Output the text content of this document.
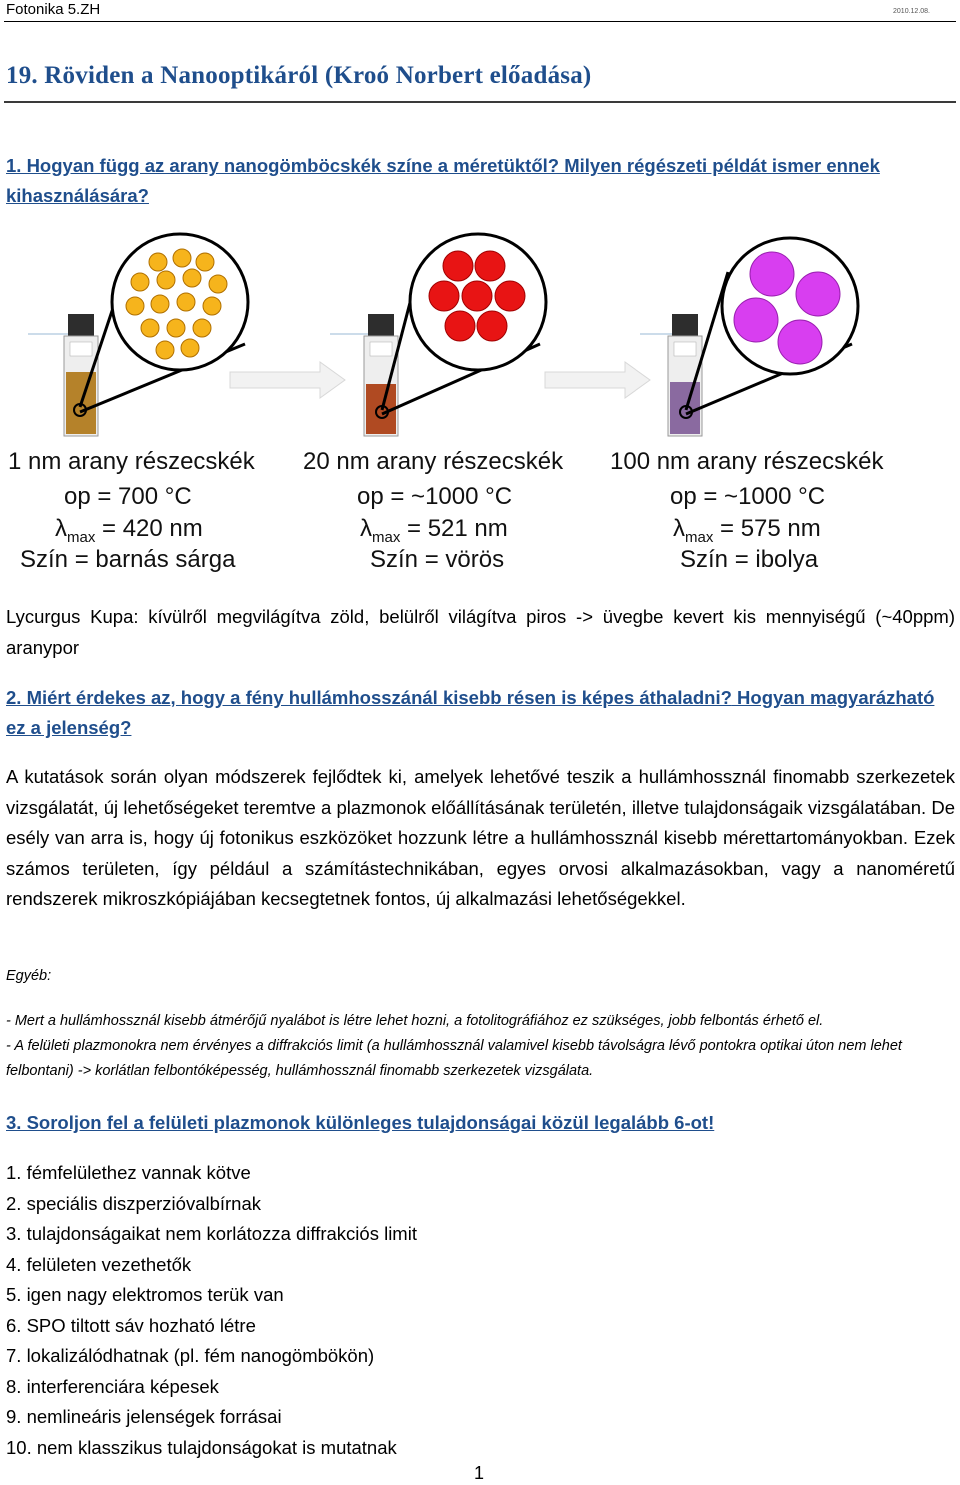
Fotonika 5.ZH	2010.12.08.
19. Röviden a Nanooptikáról (Kroó Norbert előadása)
1. Hogyan függ az arany nanogömböcskék színe a méretüktől? Milyen régészeti példát ismer ennek kihasználására?
1 nm arany részecskék
op = 700 °C
$\lambda_{max} = 420$ nm
Szín = barnás sárga
20 nm arany részecskék
op = ~1000 °C
$\lambda_{max} = 521$ nm
Szín = vörös
100 nm arany részecskék
op = ~1000 °C
$\lambda_{max} = 575$ nm
Szín = ibolya
Lycurgus Kupa: kívülről megvilágítva zöld, belülről világítva piros -> üvegbe kevert kis mennyiségű (~40ppm) aranypor
2. Miért érdekes az, hogy a fény hullámhosszánál kisebb résen is képes áthaladni? Hogyan magyarázható ez a jelenség?
A kutatások során olyan módszerek fejlődtek ki, amelyek lehetővé teszik a hullámhossznál finomabb szerkezetek vizsgálatát, új lehetőségeket teremtve a plazmonok előállításának területén, illetve tulajdonságaik vizsgálatában. De esély van arra is, hogy új fotonikus eszközöket hozzunk létre a hullámhossznál kisebb mérettartományokban. Ezek számos területen, így például a számítástechnikában, egyes orvosi alkalmazásokban, vagy a nanoméretű rendszerek mikroszkópiájában kecsegtetnek fontos, új alkalmazási lehetőségekkel.
Egyéb:
- Mert a hullámhossznál kisebb átmérőjű nyalábot is létre lehet hozni, a fotolitográfiához ez szükséges, jobb felbontás érhető el.
- A felületi plazmonokra nem érvényes a diffrakciós limit (a hullámhossznál valamivel kisebb távolságra lévő pontokra optikai úton nem lehet felbontani) -> korlátlan felbontóképesség, hullámhossznál finomabb szerkezetek vizsgálata.
3. Soroljon fel a felületi plazmonok különleges tulajdonságai közül legalább 6-ot!
1. fémfelülethez vannak kötve
2. speciális diszperzióvalbírnak
3. tulajdonságaikat nem korlátozza diffrakciós limit
4. felületen vezethetők
5. igen nagy elektromos terük van
6. SPO tiltott sáv hozható létre
7. lokalizálódhatnak (pl. fém nanogömbökön)
8. interferenciára képesek
9. nemlineáris jelenségek forrásai
10. nem klasszikus tulajdonságokat is mutatnak
1
